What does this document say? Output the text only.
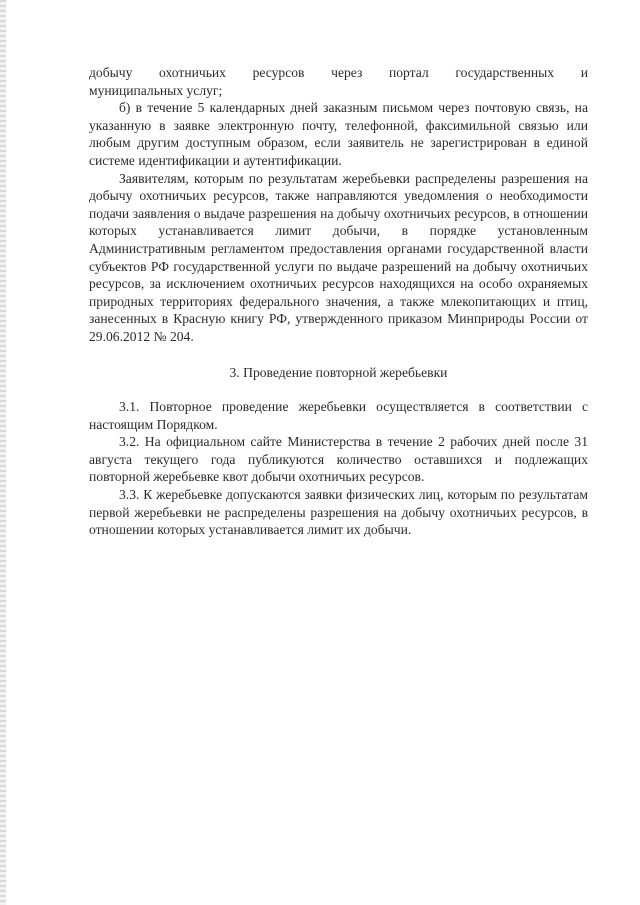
добычу охотничьих ресурсов через портал государственных и

муниципальных услуг;

б) в течение 5 календарных дней заказным письмом через почтовую связь, на указанную в заявке электронную почту, телефонной, факсимильной связью или любым другим доступным образом, если заявитель не зарегистрирован в единой системе идентификации и аутентификации.

Заявителям, которым по результатам жеребьевки распределены разрешения на добычу охотничьих ресурсов, также направляются уведомления о необходимости подачи заявления о выдаче разрешения на добычу охотничьих ресурсов, в отношении которых устанавливается лимит добычи, в порядке установленным Административным регламентом предоставления органами государственной власти субъектов РФ государственной услуги по выдаче разрешений на добычу охотничьих ресурсов, за исключением охотничьих ресурсов находящихся на особо охраняемых природных территориях федерального значения, а также млекопитающих и птиц, занесенных в Красную книгу РФ, утвержденного приказом Минприроды России от 29.06.2012 № 204.

3. Проведение повторной жеребьевки

3.1. Повторное проведение жеребьевки осуществляется в соответствии с настоящим Порядком.

3.2. На официальном сайте Министерства в течение 2 рабочих дней после 31 августа текущего года публикуются количество оставшихся и подлежащих повторной жеребьевке квот добычи охотничьих ресурсов.

3.3. К жеребьевке допускаются заявки физических лиц, которым по результатам первой жеребьевки не распределены разрешения на добычу охотничьих ресурсов, в отношении которых устанавливается лимит их добычи.
